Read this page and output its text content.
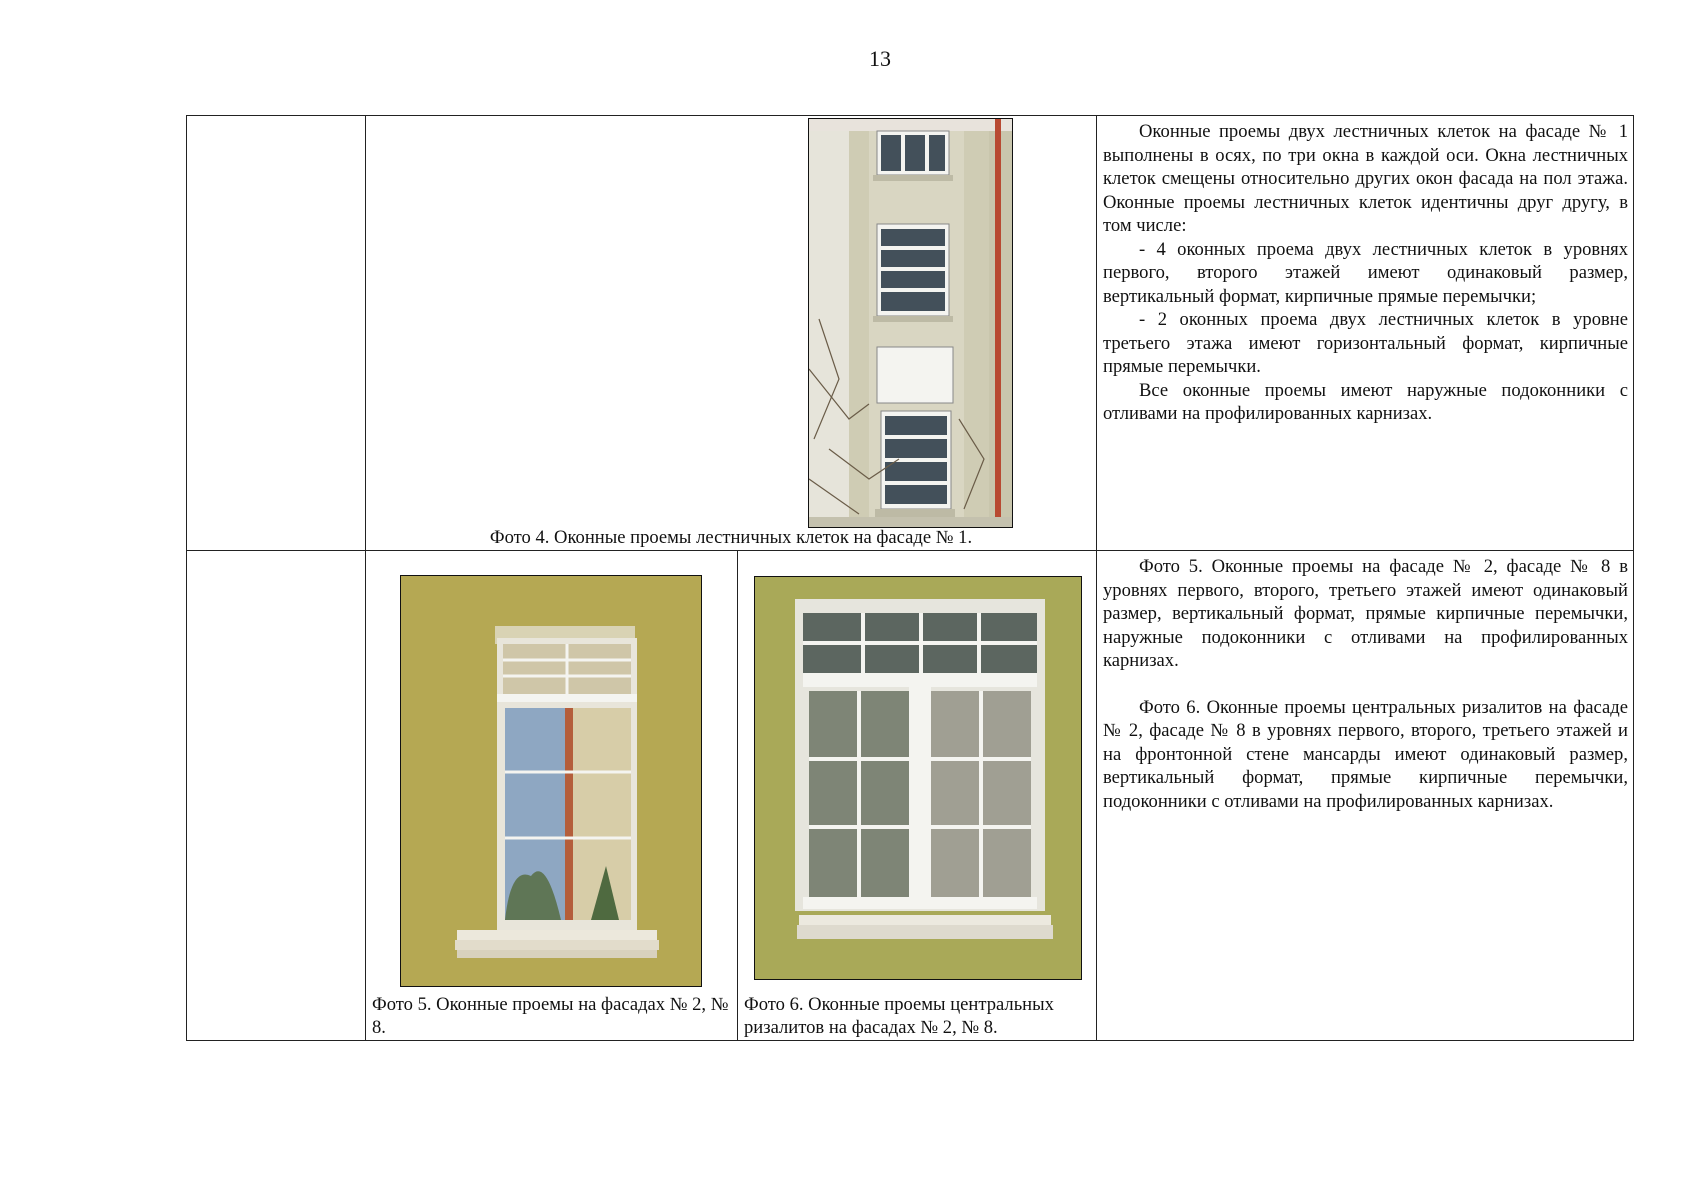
13

	Фото 4. Оконные проемы лестничных клеток на фасаде № 1.		Оконные проемы двух лестничных клеток на фасаде № 1 выполнены в осях, по три окна в каждой оси. Окна лестничных клеток смещены относительно других окон фасада на пол этажа. Оконные проемы лестничных клеток идентичны друг другу, в том числе:

- 4 оконных проема двух лестничных клеток в уровнях первого, второго этажей имеют одинаковый размер, вертикальный формат, кирпичные прямые перемычки;

- 2 оконных проема двух лестничных клеток в уровне третьего этажа имеют горизонтальный формат, кирпичные прямые перемычки.

Все оконные проемы имеют наружные подоконники с отливами на профилированных карнизах.

	Фото 5. Оконные проемы на фасадах № 2, № 8.	Фото 6. Оконные проемы центральных ризалитов на фасадах № 2, № 8.	Фото 5. Оконные проемы на фасаде № 2, фасаде № 8 в уровнях первого, второго, третьего этажей имеют одинаковый размер, вертикальный формат, прямые кирпичные перемычки, наружные подоконники с отливами на профилированных карнизах.

Фото 6. Оконные проемы центральных ризалитов на фасаде № 2, фасаде № 8 в уровнях первого, второго, третьего этажей и на фронтонной стене мансарды имеют одинаковый размер, вертикальный формат, прямые кирпичные перемычки, подоконники с отливами на профилированных карнизах.
